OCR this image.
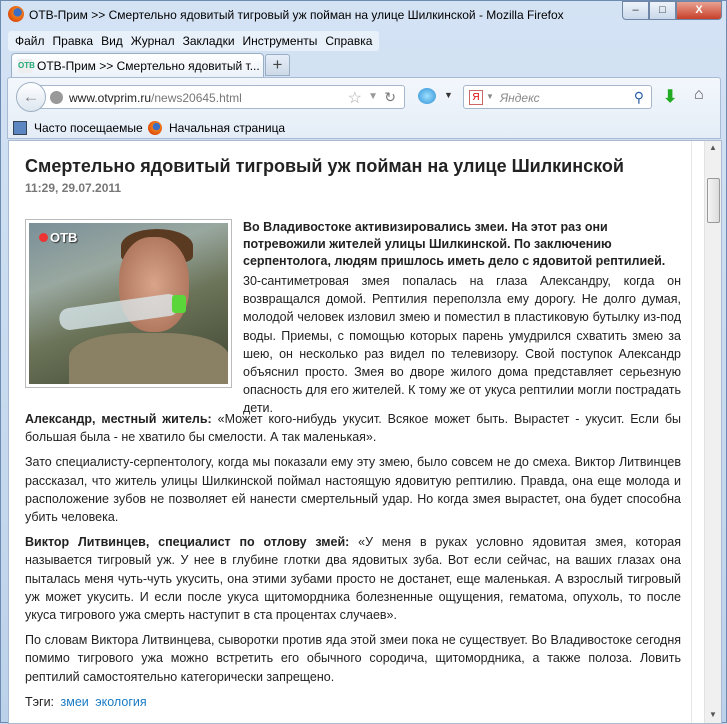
ОТВ-Прим >> Смертельно ядовитый тигровый уж пойман на улице Шилкинской - Mozilla Firefox	–	□	X
Файл Правка Вид Журнал Закладки Инструменты Справка
ОТВ ОТВ-Прим >> Смертельно ядовитый т... +
www.otvprim.ru/news20645.html	☆ ▼ ↻
←	▼	Я ▼ Яндекс	⚲ ⬇ ⌂
Часто посещаемые Начальная страница
Смертельно ядовитый тигровый уж пойман на улице Шилкинской
11:29, 29.07.2011
ОТВ
Во Владивостоке активизировались змеи. На этот раз они потревожили жителей улицы Шилкинской. По заключению серпентолога, людям пришлось иметь дело с ядовитой рептилией.
30-сантиметровая змея попалась на глаза Александру, когда он возвращался домой. Рептилия переползла ему дорогу. Не долго думая, молодой человек изловил змею и поместил в пластиковую бутылку из-под воды. Приемы, с помощью которых парень умудрился схватить змею за шею, он несколько раз видел по телевизору. Свой поступок Александр объяснил просто. Змея во дворе жилого дома представляет серьезную опасность для его жителей. К тому же от укуса рептилии могли пострадать дети.

Александр, местный житель: «Может кого-нибудь укусит. Всякое может быть. Вырастет - укусит. Если бы большая была - не хватило бы смелости. А так маленькая».

Зато специалисту-серпентологу, когда мы показали ему эту змею, было совсем не до смеха. Виктор Литвинцев рассказал, что житель улицы Шилкинской поймал настоящую ядовитую рептилию. Правда, она еще молода и расположение зубов не позволяет ей нанести смертельный удар. Но когда змея вырастет, она будет способна убить человека.

Виктор Литвинцев, специалист по отлову змей: «У меня в руках условно ядовитая змея, которая называется тигровый уж. У нее в глубине глотки два ядовитых зуба. Вот если сейчас, на ваших глазах она пыталась меня чуть-чуть укусить, она этими зубами просто не достанет, еще маленькая. А взрослый тигровый уж может укусить. И если после укуса щитомордника болезненные ощущения, гематома, опухоль, то после укуса тигрового ужа смерть наступит в ста процентах случаев».

По словам Виктора Литвинцева, сыворотки против яда этой змеи пока не существует. Во Владивостоке сегодня помимо тигрового ужа можно встретить его обычного сородича, щитомордника, а также полоза. Ловить рептилий самостоятельно категорически запрещено.

Тэги: змеи экология
▲
▼
